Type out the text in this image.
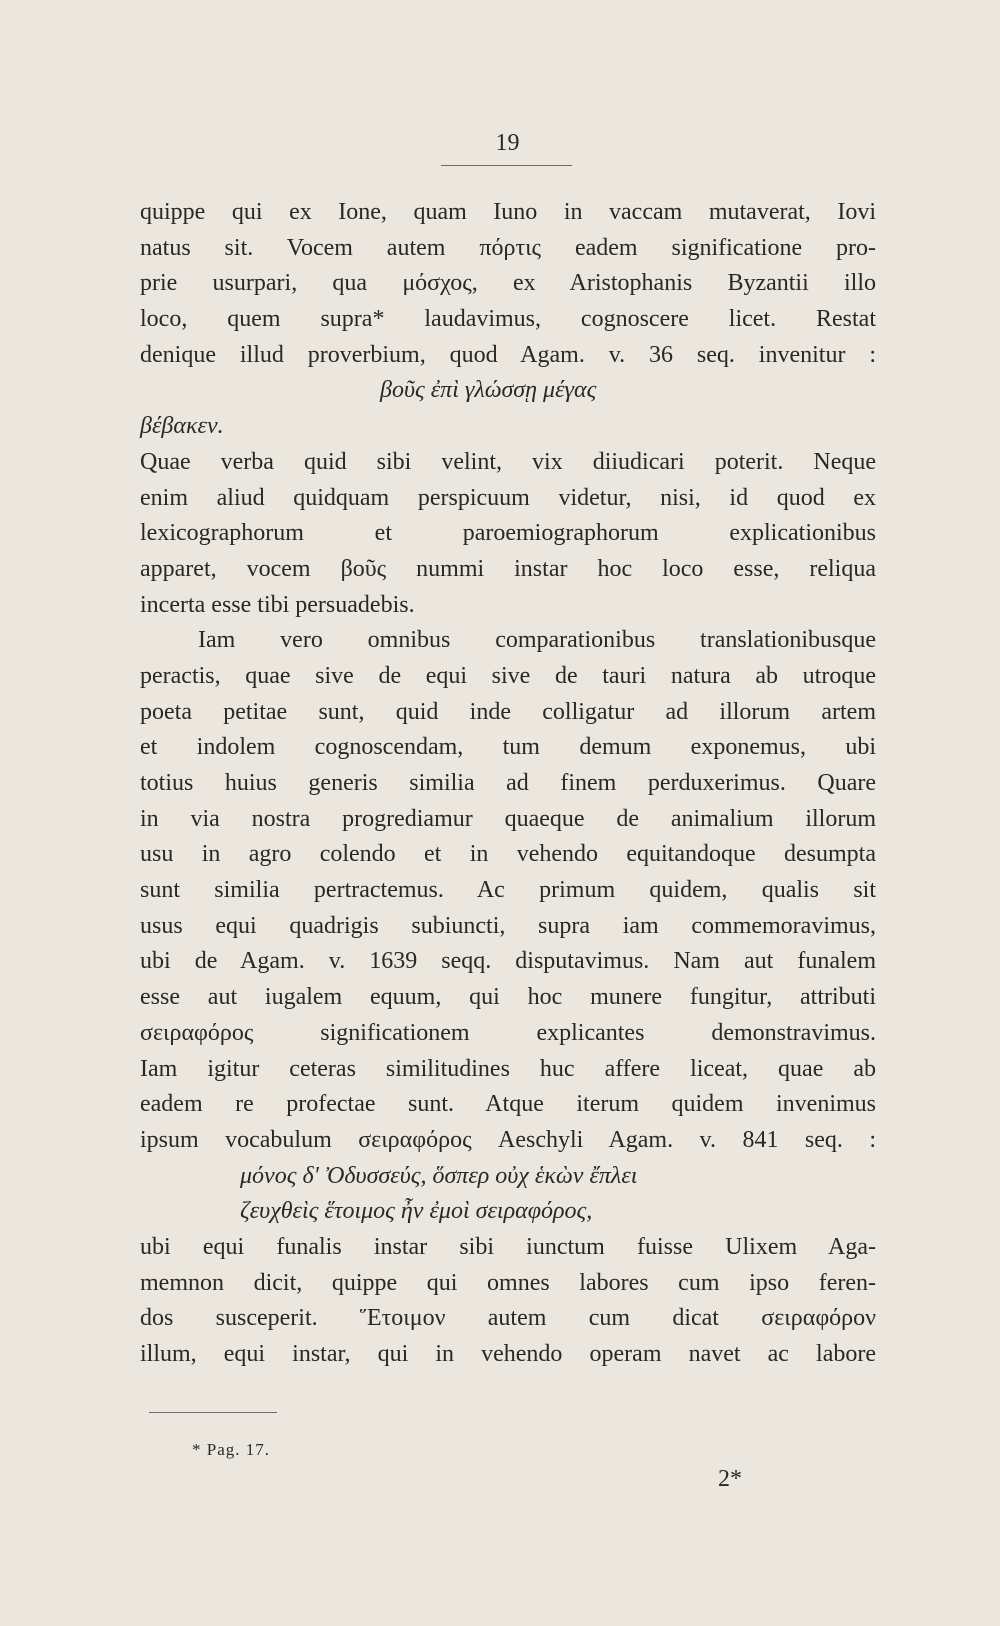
19

quippe qui ex Ione, quam Iuno in vaccam mutaverat, Iovi

natus sit. Vocem autem πόρτις eadem significatione pro-

prie usurpari, qua μόσχος, ex Aristophanis Byzantii illo

loco, quem supra* laudavimus, cognoscere licet. Restat

denique illud proverbium, quod Agam. v. 36 seq. invenitur :

βοῦς ἐπὶ γλώσσῃ μέγας

βέβακεν.

Quae verba quid sibi velint, vix diiudicari poterit. Neque

enim aliud quidquam perspicuum videtur, nisi, id quod ex

lexicographorum et paroemiographorum explicationibus

apparet, vocem βοῦς nummi instar hoc loco esse, reliqua

incerta esse tibi persuadebis.

Iam vero omnibus comparationibus translationibusque

peractis, quae sive de equi sive de tauri natura ab utroque

poeta petitae sunt, quid inde colligatur ad illorum artem

et indolem cognoscendam, tum demum exponemus, ubi

totius huius generis similia ad finem perduxerimus. Quare

in via nostra progrediamur quaeque de animalium illorum

usu in agro colendo et in vehendo equitandoque desumpta

sunt similia pertractemus. Ac primum quidem, qualis sit

usus equi quadrigis subiuncti, supra iam commemoravimus,

ubi de Agam. v. 1639 seqq. disputavimus. Nam aut funalem

esse aut iugalem equum, qui hoc munere fungitur, attributi

σειραφόρος significationem explicantes demonstravimus.

Iam igitur ceteras similitudines huc affere liceat, quae ab

eadem re profectae sunt. Atque iterum quidem invenimus

ipsum vocabulum σειραφόρος Aeschyli Agam. v. 841 seq. :

μόνος δ' Ὀδυσσεύς, ὅσπερ οὐχ ἑκὼν ἔπλει

ζευχθεὶς ἕτοιμος ἦν ἐμοὶ σειραφόρος,

ubi equi funalis instar sibi iunctum fuisse Ulixem Aga-

memnon dicit, quippe qui omnes labores cum ipso feren-

dos susceperit. Ἕτοιμον autem cum dicat σειραφόρον

illum, equi instar, qui in vehendo operam navet ac labore

* Pag. 17.
2*
